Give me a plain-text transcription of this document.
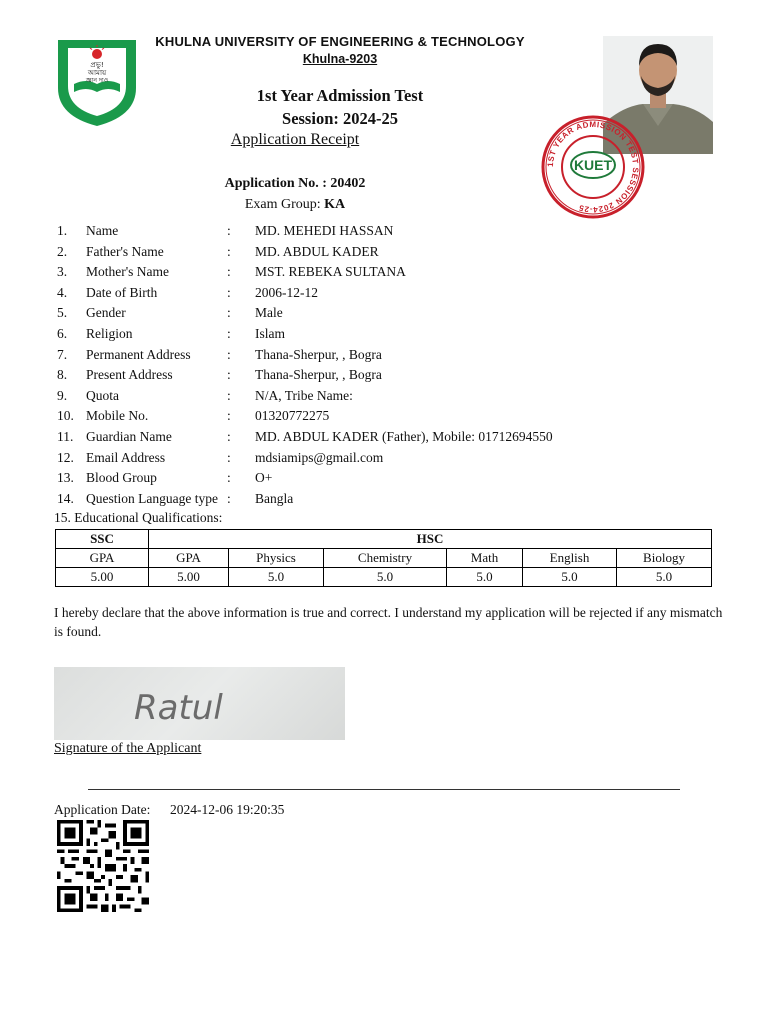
প্রভু!
আমায়
জ্ঞান দাও
KHULNA UNIVERSITY OF ENGINEERING & TECHNOLOGY
Khulna-9203
1st Year Admission Test
Session: 2024-25
Application Receipt
1ST YEAR ADMISSION TEST SESSION 2024-25
KUET
Application No. : 20402
Exam Group: KA
1. Name	: MD. MEHEDI HASSAN
2. Father's Name	: MD. ABDUL KADER
3. Mother's Name	: MST. REBEKA SULTANA
4. Date of Birth	: 2006-12-12
5. Gender	: Male
6. Religion	: Islam
7. Permanent Address	: Thana-Sherpur, , Bogra
8. Present Address	: Thana-Sherpur, , Bogra
9. Quota	: N/A, Tribe Name:
10. Mobile No.	: 01320772275
11. Guardian Name	: MD. ABDUL KADER (Father), Mobile: 01712694550
12. Email Address	: mdsiamips@gmail.com
13. Blood Group	: O+
14. Question Language type : Bangla
15. Educational Qualifications:
SSC	HSC					
GPA	GPA	Physics	Chemistry	Math	English	Biology
5.00	5.00	5.0	5.0	5.0	5.0	5.0
I hereby declare that the above information is true and correct. I understand my application will be rejected if any mismatch is found.
Ratul
Signature of the Applicant
Application Date: 2024-12-06 19:20:35
